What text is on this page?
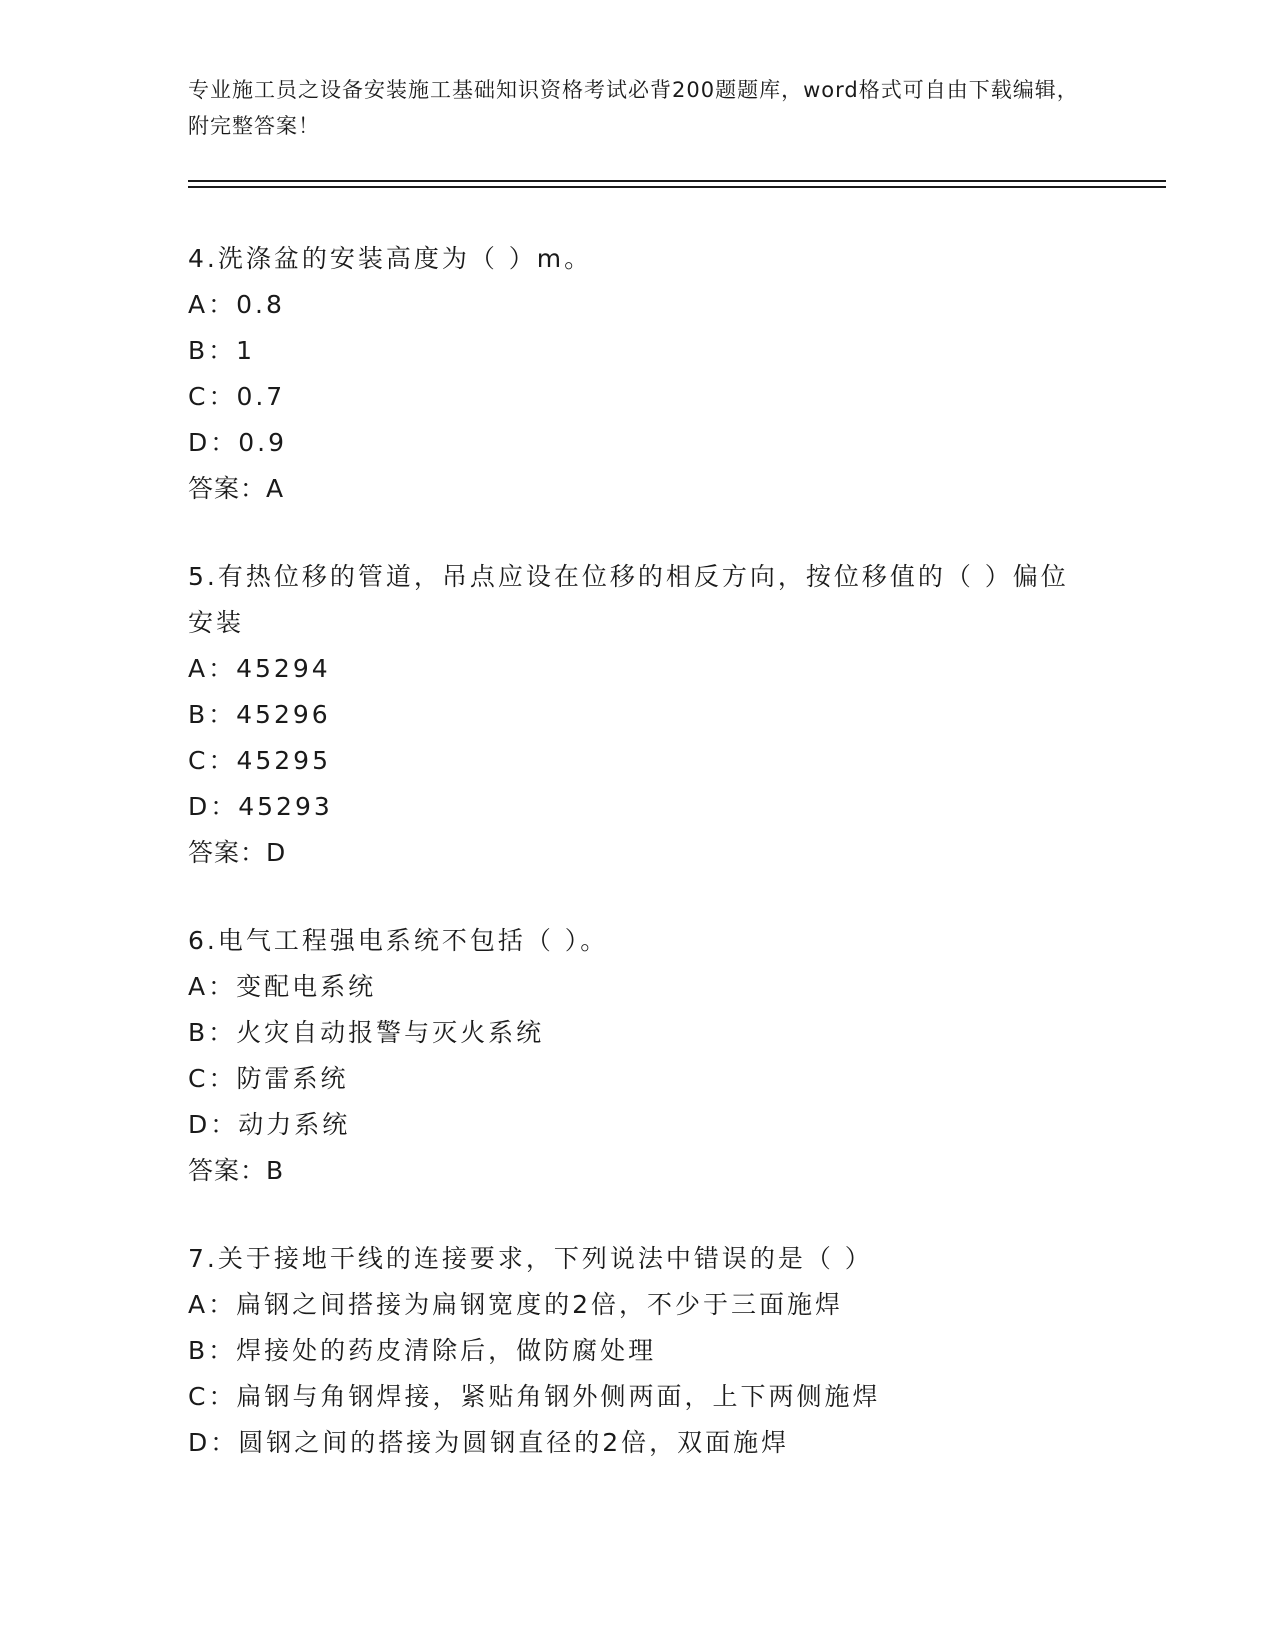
专业施工员之设备安装施工基础知识资格考试必背200题题库，word格式可自由下载编辑，附完整答案！

4.洗涤盆的安装高度为（ ）m。

A：0.8

B：1

C：0.7

D：0.9

答案：A

5.有热位移的管道，吊点应设在位移的相反方向，按位移值的（ ）偏位安装

A：45294

B：45296

C：45295

D：45293

答案：D

6.电气工程强电系统不包括（ ）。

A：变配电系统

B：火灾自动报警与灭火系统

C：防雷系统

D：动力系统

答案：B

7.关于接地干线的连接要求，下列说法中错误的是（ ）

A：扁钢之间搭接为扁钢宽度的2倍，不少于三面施焊

B：焊接处的药皮清除后，做防腐处理

C：扁钢与角钢焊接，紧贴角钢外侧两面，上下两侧施焊

D：圆钢之间的搭接为圆钢直径的2倍，双面施焊
